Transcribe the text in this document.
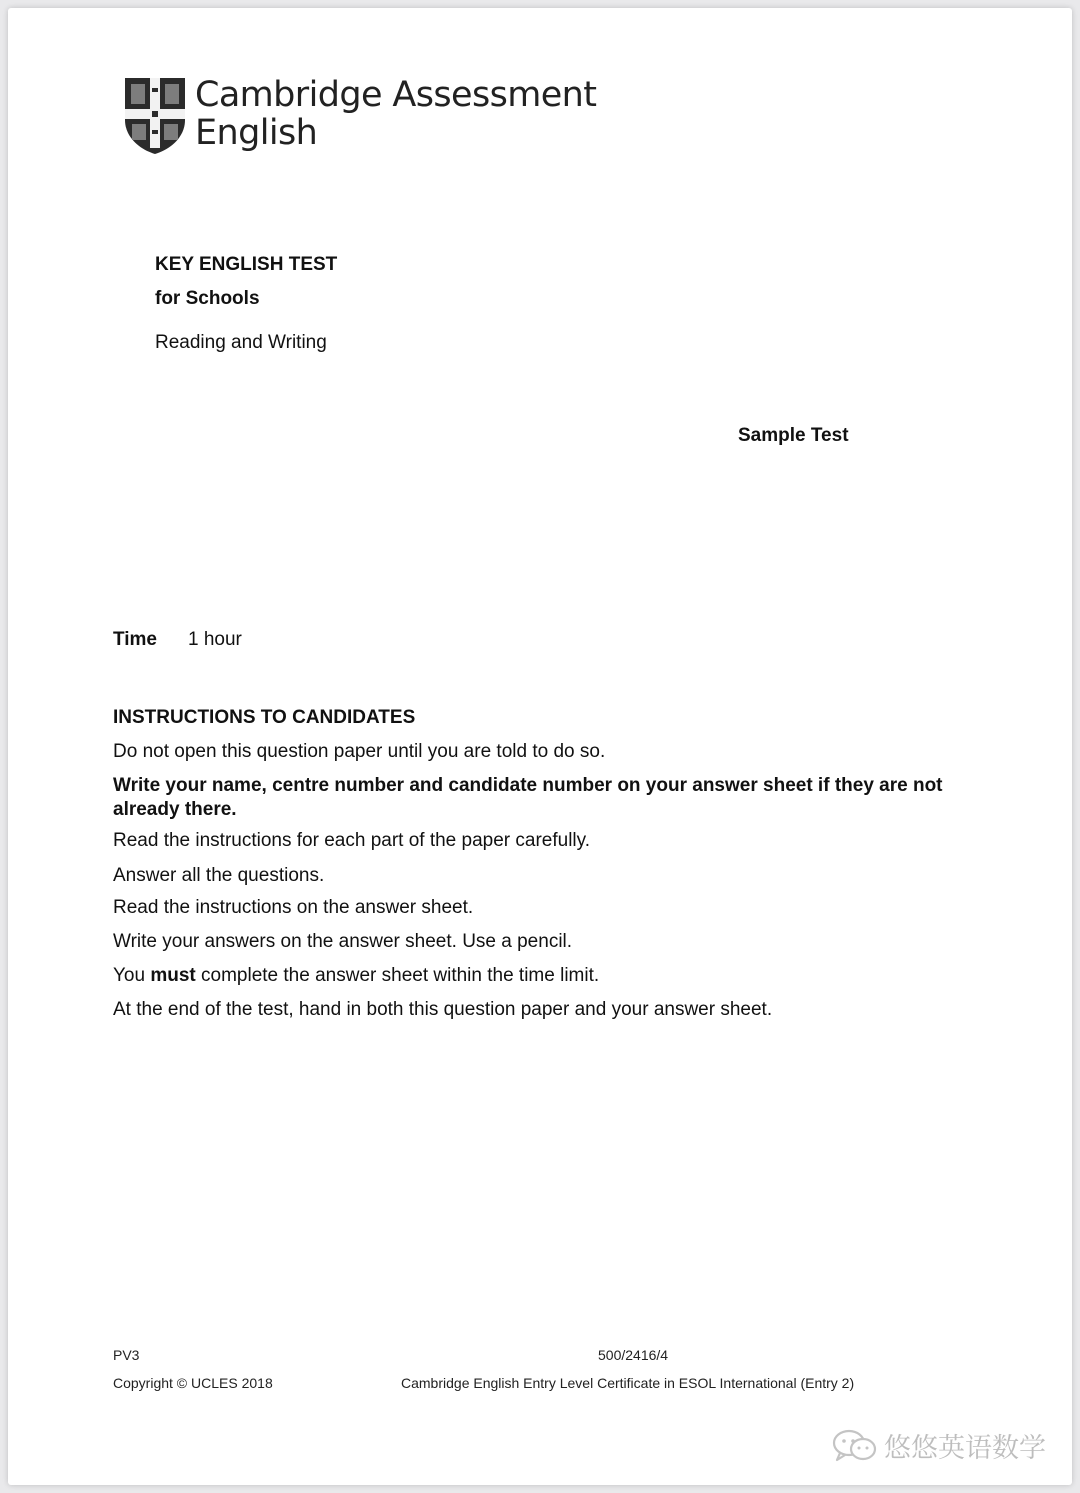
Cambridge Assessment
English
KEY ENGLISH TEST
for Schools
Reading and Writing
Sample Test
Time 1 hour
INSTRUCTIONS TO CANDIDATES
Do not open this question paper until you are told to do so.
Write your name, centre number and candidate number on your answer sheet if they are not already there.
Read the instructions for each part of the paper carefully.
Answer all the questions.
Read the instructions on the answer sheet.
Write your answers on the answer sheet. Use a pencil.
You must complete the answer sheet within the time limit.
At the end of the test, hand in both this question paper and your answer sheet.
PV3	500/2416/4
Copyright © UCLES 2018	Cambridge English Entry Level Certificate in ESOL International (Entry 2)
悠悠英语数学
